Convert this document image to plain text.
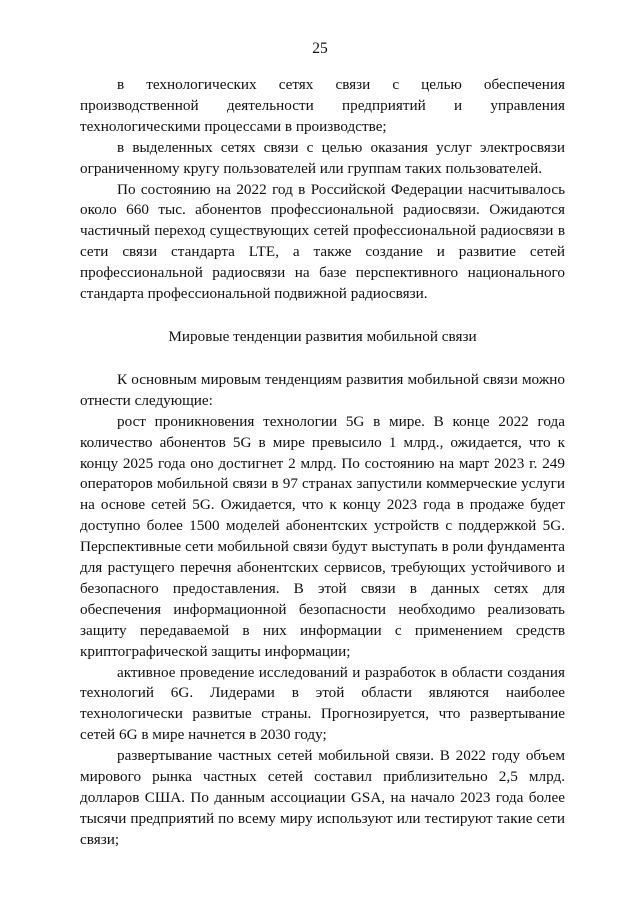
25

в технологических сетях связи с целью обеспечения производственной деятельности предприятий и управления технологическими процессами в производстве;

в выделенных сетях связи с целью оказания услуг электросвязи ограниченному кругу пользователей или группам таких пользователей.

По состоянию на 2022 год в Российской Федерации насчитывалось около 660 тыс. абонентов профессиональной радиосвязи. Ожидаются частичный переход существующих сетей профессиональной радиосвязи в сети связи стандарта LTE, а также создание и развитие сетей профессиональной радиосвязи на базе перспективного национального стандарта профессиональной подвижной радиосвязи.

Мировые тенденции развития мобильной связи

К основным мировым тенденциям развития мобильной связи можно отнести следующие:

рост проникновения технологии 5G в мире. В конце 2022 года количество абонентов 5G в мире превысило 1 млрд., ожидается, что к концу 2025 года оно достигнет 2 млрд. По состоянию на март 2023 г. 249 операторов мобильной связи в 97 странах запустили коммерческие услуги на основе сетей 5G. Ожидается, что к концу 2023 года в продаже будет доступно более 1500 моделей абонентских устройств с поддержкой 5G. Перспективные сети мобильной связи будут выступать в роли фундамента для растущего перечня абонентских сервисов, требующих устойчивого и безопасного предоставления. В этой связи в данных сетях для обеспечения информационной безопасности необходимо реализовать защиту передаваемой в них информации с применением средств криптографической защиты информации;

активное проведение исследований и разработок в области создания технологий 6G. Лидерами в этой области являются наиболее технологически развитые страны. Прогнозируется, что развертывание сетей 6G в мире начнется в 2030 году;

развертывание частных сетей мобильной связи. В 2022 году объем мирового рынка частных сетей составил приблизительно 2,5 млрд. долларов США. По данным ассоциации GSA, на начало 2023 года более тысячи предприятий по всему миру используют или тестируют такие сети связи;
